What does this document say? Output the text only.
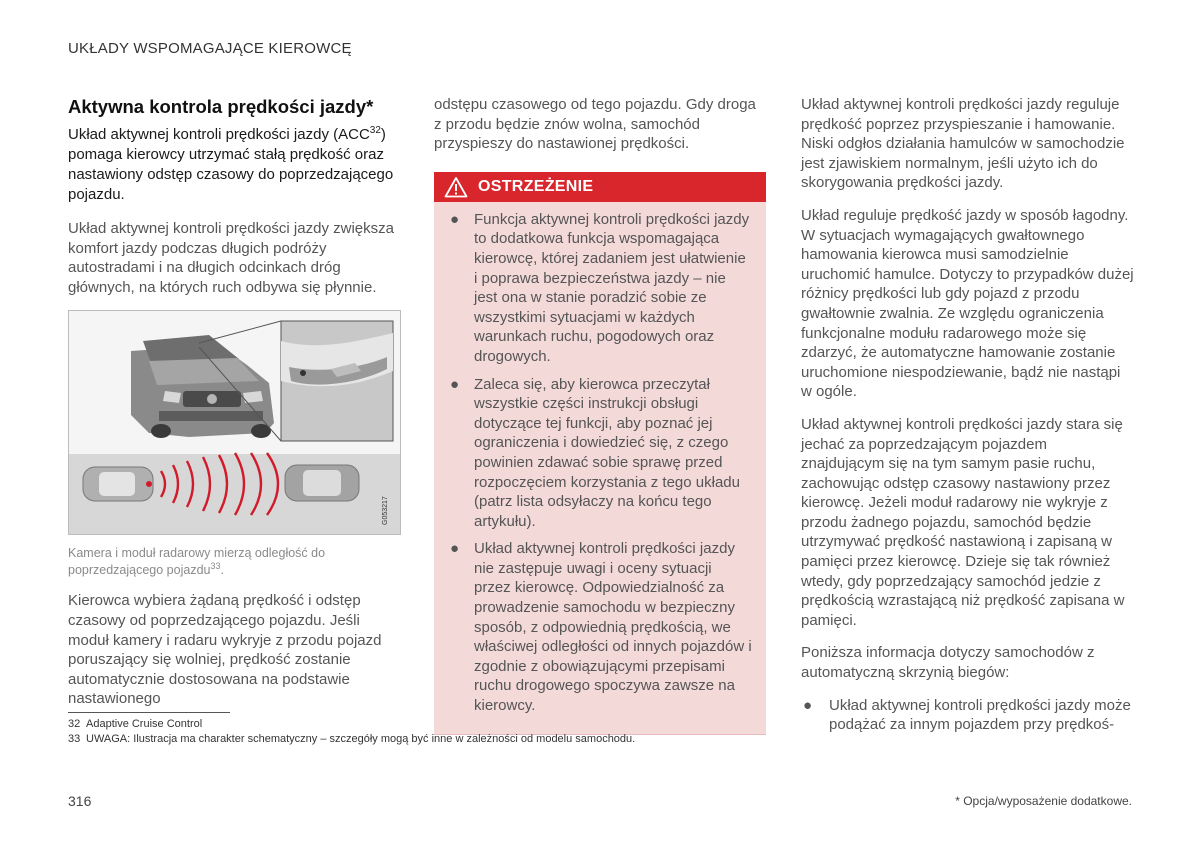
UKŁADY WSPOMAGAJĄCE KIEROWCĘ
Aktywna kontrola prędkości jazdy*
Układ aktywnej kontroli prędkości jazdy (ACC$^{32}$) pomaga kierowcy utrzymać stałą prędkość oraz nastawiony odstęp czasowy do poprzedzającego pojazdu.

Układ aktywnej kontroli prędkości jazdy zwiększa komfort jazdy podczas długich podróży autostradami i na długich odcinkach dróg głównych, na których ruch odbywa się płynnie.

G053217
Kamera i moduł radarowy mierzą odległość do poprzedzającego pojazdu$^{33}$.

Kierowca wybiera żądaną prędkość i odstęp czasowy od poprzedzającego pojazdu. Jeśli moduł kamery i radaru wykryje z przodu pojazd poruszający się wolniej, prędkość zostanie automatycznie dostosowana na podstawie nastawionego

odstępu czasowego od tego pojazdu. Gdy droga z przodu będzie znów wolna, samochód przyspieszy do nastawionej prędkości.

OSTRZEŻENIE
● Funkcja aktywnej kontroli prędkości jazdy to dodatkowa funkcja wspomagająca kierowcę, której zadaniem jest ułatwienie i poprawa bezpieczeństwa jazdy – nie jest ona w stanie poradzić sobie ze wszystkimi sytuacjami w każdych warunkach ruchu, pogodowych oraz drogowych.
● Zaleca się, aby kierowca przeczytał wszystkie części instrukcji obsługi dotyczące tej funkcji, aby poznać jej ograniczenia i dowiedzieć się, z czego powinien zdawać sobie sprawę przed rozpoczęciem korzystania z tego układu (patrz lista odsyłaczy na końcu tego artykułu).
● Układ aktywnej kontroli prędkości jazdy nie zastępuje uwagi i oceny sytuacji przez kierowcę. Odpowiedzialność za prowadzenie samochodu w bezpieczny sposób, z odpowiednią prędkością, we właściwej odległości od innych pojazdów i zgodnie z obowiązującymi przepisami ruchu drogowego spoczywa zawsze na kierowcy.

Układ aktywnej kontroli prędkości jazdy reguluje prędkość poprzez przyspieszanie i hamowanie. Niski odgłos działania hamulców w samochodzie jest zjawiskiem normalnym, jeśli użyto ich do skorygowania prędkości jazdy.

Układ reguluje prędkość jazdy w sposób łagodny. W sytuacjach wymagających gwałtownego hamowania kierowca musi samodzielnie uruchomić hamulce. Dotyczy to przypadków dużej różnicy prędkości lub gdy pojazd z przodu gwałtownie zwalnia. Ze względu ograniczenia funkcjonalne modułu radarowego może się zdarzyć, że automatyczne hamowanie zostanie uruchomione niespodziewanie, bądź nie nastąpi w ogóle.

Układ aktywnej kontroli prędkości jazdy stara się jechać za poprzedzającym pojazdem znajdującym się na tym samym pasie ruchu, zachowując odstęp czasowy nastawiony przez kierowcę. Jeżeli moduł radarowy nie wykryje z przodu żadnego pojazdu, samochód będzie utrzymywać prędkość nastawioną i zapisaną w pamięci przez kierowcę. Dzieje się tak również wtedy, gdy poprzedzający samochód jedzie z prędkością wzrastającą niż prędkość zapisana w pamięci.

Poniższa informacja dotyczy samochodów z automatyczną skrzynią biegów:

● Układ aktywnej kontroli prędkości jazdy może podążać za innym pojazdem przy prędkoś-
32 Adaptive Cruise Control
33 UWAGA: Ilustracja ma charakter schematyczny – szczegóły mogą być inne w zależności od modelu samochodu.
316	* Opcja/wyposażenie dodatkowe.
